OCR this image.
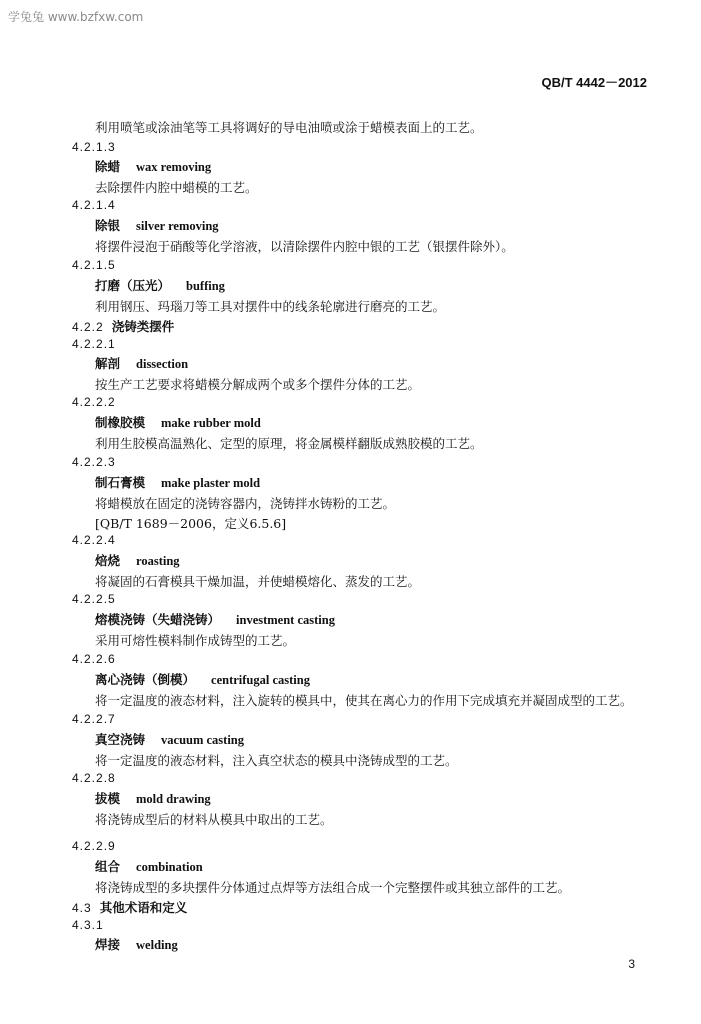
学兔兔 www.bzfxw.com
QB/T 4442－2012
利用喷笔或涂油笔等工具将调好的导电油喷或涂于蜡模表面上的工艺。
4.2.1.3
除蜡 wax removing
去除摆件内腔中蜡模的工艺。
4.2.1.4
除银 silver removing
将摆件浸泡于硝酸等化学溶液，以清除摆件内腔中银的工艺（银摆件除外）。
4.2.1.5
打磨（压光） buffing
利用钢压、玛瑙刀等工具对摆件中的线条轮廓进行磨亮的工艺。
4.2.2 浇铸类摆件
4.2.2.1
解剖 dissection
按生产工艺要求将蜡模分解成两个或多个摆件分体的工艺。
4.2.2.2
制橡胶模 make rubber mold
利用生胶模高温熟化、定型的原理，将金属模样翻版成熟胶模的工艺。
4.2.2.3
制石膏模 make plaster mold
将蜡模放在固定的浇铸容器内，浇铸拌水铸粉的工艺。
[QB/T 1689－2006，定义6.5.6]
4.2.2.4
焙烧 roasting
将凝固的石膏模具干燥加温，并使蜡模熔化、蒸发的工艺。
4.2.2.5
熔模浇铸（失蜡浇铸） investment casting
采用可熔性模料制作成铸型的工艺。
4.2.2.6
离心浇铸（倒模） centrifugal casting
将一定温度的液态材料，注入旋转的模具中，使其在离心力的作用下完成填充并凝固成型的工艺。
4.2.2.7
真空浇铸 vacuum casting
将一定温度的液态材料，注入真空状态的模具中浇铸成型的工艺。
4.2.2.8
拔模 mold drawing
将浇铸成型后的材料从模具中取出的工艺。
4.2.2.9
组合 combination
将浇铸成型的多块摆件分体通过点焊等方法组合成一个完整摆件或其独立部件的工艺。
4.3 其他术语和定义
4.3.1
焊接 welding
3
